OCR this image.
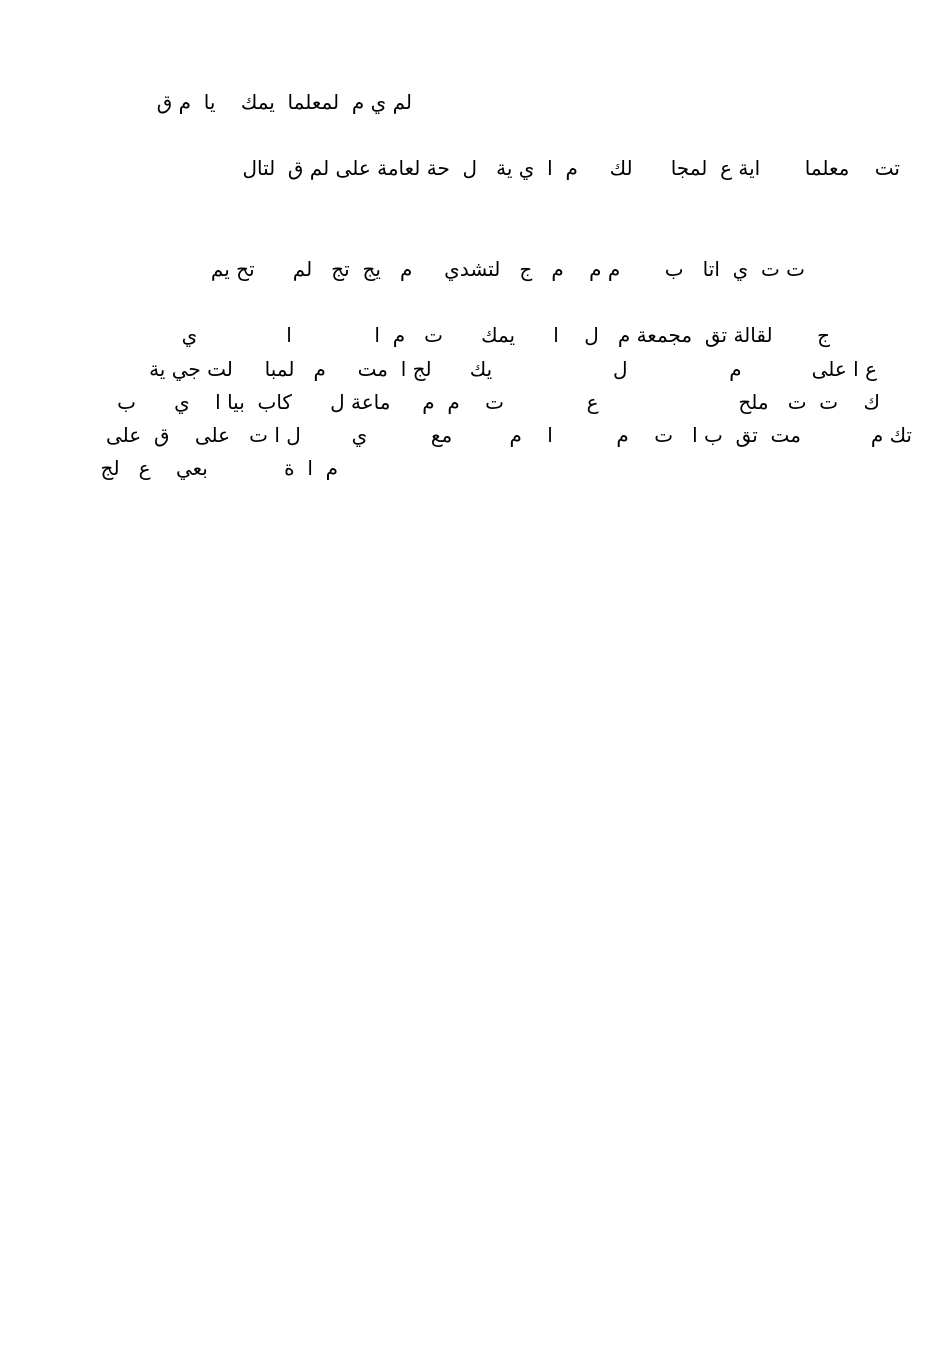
لم ي م  لمعلما  يمك    يا  م ق

تت    معلما       اية ع  لمجا      لك     م  ا  ي ية   ل  حة لعامة على لم ق  لتال

ت ت  ي  اتا   ب       م م    م   ج   لتشدي     م   يج  تج   لم      تح يم

ج       لقالة تق  مجمعة م   ل    ا      يمك      ت   م  ا             ا              ي

ع ا على           م                ل                   يك      لج ا  مت     م   لمبا     لت جي ية

ك    ت  ت   ملح                      ع             ت    م  م     ماعة ل      كاب  بيا ا    ي      ب

تك م           مت  تق  ب ا   ت    م          ا    م         مع          ي        ل ا ت   على    ق  على

م  ا  ة            بعي    ع   لج
